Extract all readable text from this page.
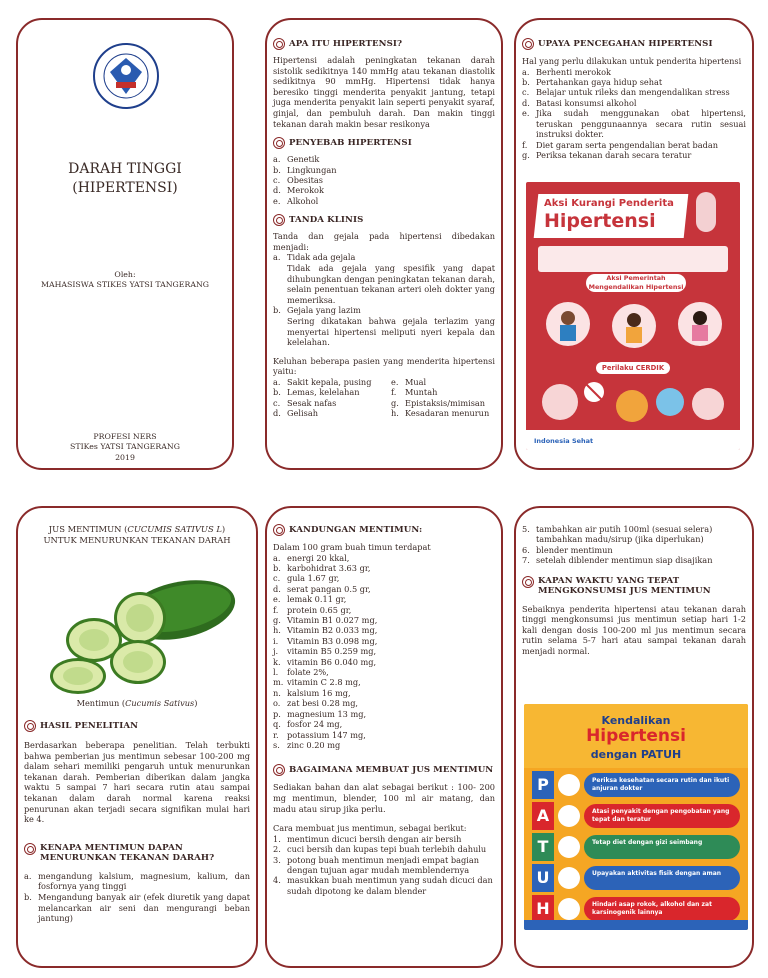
DARAH TINGGI
(HIPERTENSI)
Oleh:
MAHASISWA STIKES YATSI TANGERANG
PROFESI NERS
STIKes YATSI TANGERANG
2019
APA ITU HIPERTENSI?

Hipertensi adalah peningkatan tekanan darah sistolik sedikitnya 140 mmHg atau tekanan diastolik sedikitnya 90 mmHg. Hipertensi tidak hanya beresiko tinggi menderita penyakit jantung, tetapi juga menderita penyakit lain seperti penyakit syaraf, ginjal, dan pembuluh darah. Dan makin tinggi tekanan darah makin besar resikonya

PENYEBAB HIPERTENSI
a. Genetik
b. Lingkungan
c. Obesitas
d. Merokok
e. Alkohol
TANDA KLINIS

Tanda dan gejala pada hipertensi dibedakan menjadi:

a. Tidak ada gejala

Tidak ada gejala yang spesifik yang dapat dihubungkan dengan peningkatan tekanan darah, selain penentuan tekanan arteri oleh dokter yang memeriksa.

b. Gejala yang lazim

Sering dikatakan bahwa gejala terlazim yang menyertai hipertensi meliputi nyeri kepala dan kelelahan.

Keluhan beberapa pasien yang menderita hipertensi yaitu:

a. Sakit kepala, pusing
b. Lemas, kelelahan
c. Sesak nafas
d. Gelisah
e. Mual
f.	Muntah
g. Epistaksis/mimisan
h. Kesadaran menurun
UPAYA PENCEGAHAN HIPERTENSI

Hal yang perlu dilakukan untuk penderita hipertensi

a. Berhenti merokok
b. Pertahankan gaya hidup sehat
c. Belajar untuk rileks dan mengendalikan stress
d. Batasi konsumsi alkohol
e. Jika sudah menggunakan obat hipertensi, teruskan penggunaannya secara rutin sesuai instruksi dokter.
f.	Diet garam serta pengendalian berat badan
g. Periksa tekanan darah secara teratur
Aksi Kurangi Penderita
Hipertensi
Aksi Pemerintah Mengendalikan Hipertensi
Perilaku CERDIK
Indonesia Sehat
JUS MENTIMUN (CUCUMIS SATIVUS L)
UNTUK MENURUNKAN TEKANAN DARAH
Mentimun (Cucumis Sativus)
HASIL PENELITIAN

Berdasarkan beberapa penelitian. Telah terbukti bahwa pemberian jus mentimun sebesar 100-200 mg dalam sehari memiliki pengaruh untuk menurunkan tekanan darah. Pemberian diberikan dalam jangka waktu 5 sampai 7 hari secara rutin atau sampai tekanan dalam darah normal karena reaksi penurunan akan terjadi secara signifikan mulai hari ke 4.

KENAPA MENTIMUN DAPAN MENURUNKAN TEKANAN DARAH?
a. mengandung kalsium, magnesium, kalium, dan fosfornya yang tinggi
b. Mengandung banyak air (efek diuretik yang dapat melancarkan air seni dan mengurangi beban jantung)
KANDUNGAN MENTIMUN:

Dalam 100 gram buah timun terdapat

a. energi 20 kkal,
b. karbohidrat 3.63 gr,
c. gula 1.67 gr,
d. serat pangan 0.5 gr,
e. lemak 0.11 gr,
f.	protein 0.65 gr,
g. Vitamin B1 0.027 mg,
h. Vitamin B2 0.033 mg,
i.	Vitamin B3 0.098 mg,
j.	vitamin B5 0.259 mg,
k. vitamin B6 0.040 mg,
l.	folate 2%,
m. vitamin C 2.8 mg,
n. kalsium 16 mg,
o. zat besi 0.28 mg,
p. magnesium 13 mg,
q. fosfor 24 mg,
r.	potassium 147 mg,
s. zinc 0.20 mg
BAGAIMANA MEMBUAT JUS MENTIMUN

Sediakan bahan dan alat sebagai berikut : 100- 200 mg mentimun, blender, 100 ml air matang, dan madu atau sirup jika perlu.

Cara membuat jus mentimun, sebagai berikut:

1. mentimun dicuci bersih dengan air bersih
2. cuci bersih dan kupas tepi buah terlebih dahulu
3. potong buah mentimun menjadi empat bagian dengan tujuan agar mudah memblendernya
4. masukkan buah mentimun yang sudah dicuci dan sudah dipotong ke dalam blender
5. tambahkan air putih 100ml (sesuai selera) tambahkan madu/sirup (jika diperlukan)
6. blender mentimun
7. setelah diblender mentimun siap disajikan
KAPAN WAKTU YANG TEPAT MENGKONSUMSI JUS MENTIMUN

Sebaiknya penderita hipertensi atau tekanan darah tinggi mengkonsumsi jus mentimun setiap hari 1-2 kali dengan dosis 100-200 ml jus mentimun secara rutin selama 5-7 hari atau sampai tekanan darah menjadi normal.

Kendalikan
Hipertensi
dengan PATUH
P	Periksa kesehatan secara rutin dan ikuti anjuran dokter
A	Atasi penyakit dengan pengobatan yang tepat dan teratur
T	Tetap diet dengan gizi seimbang
U	Upayakan aktivitas fisik dengan aman
H	Hindari asap rokok, alkohol dan zat karsinogenik lainnya
